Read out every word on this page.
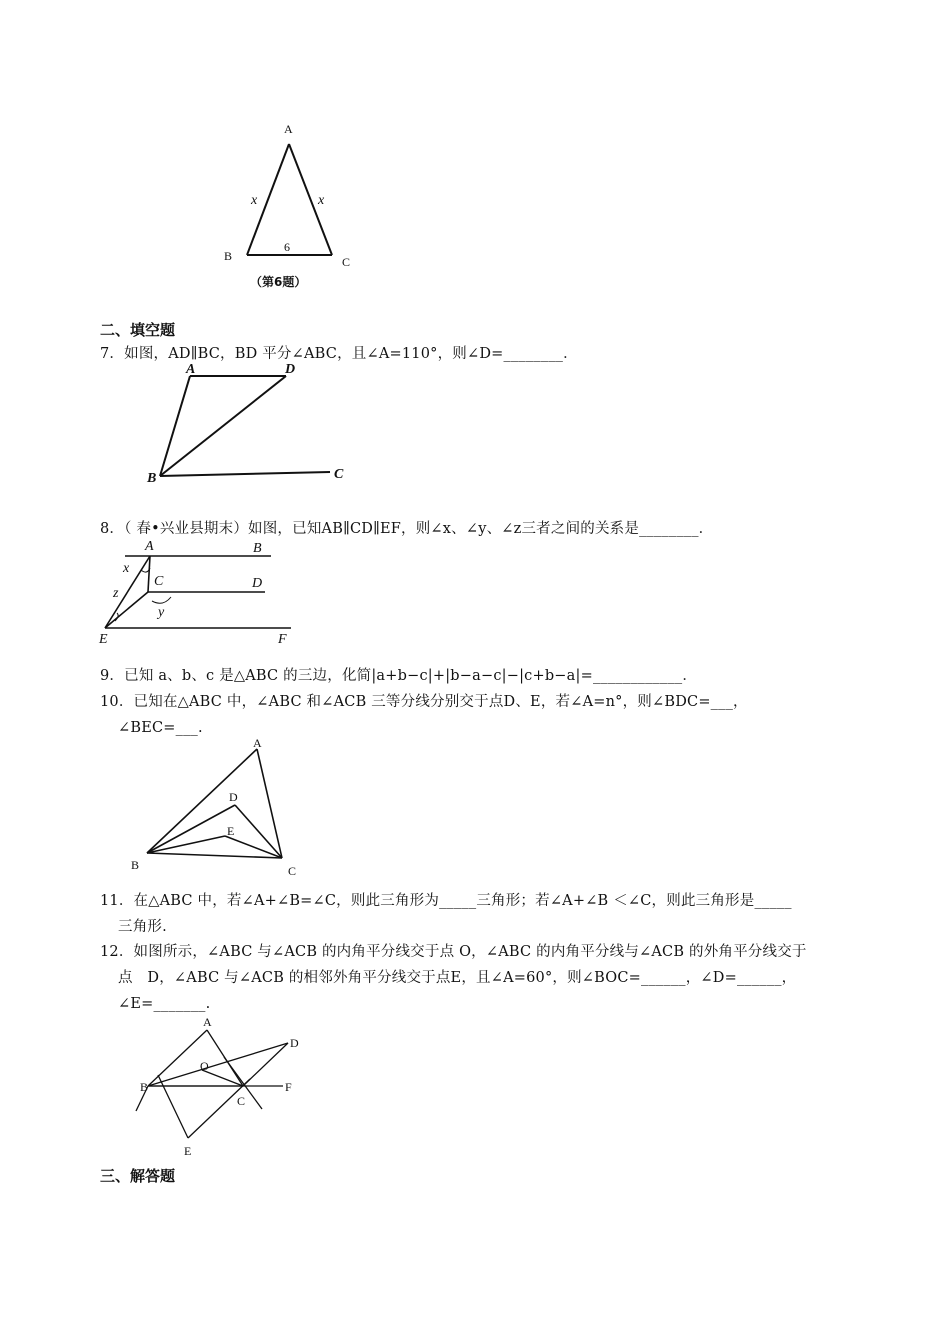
A
B	C
x	x
6
（第6题）
二、填空题
7．如图，AD∥BC，BD 平分∠ABC，且∠A=110°，则∠D=________．
A	D
B	C
8．（ 春•兴业县期末）如图，已知AB∥CD∥EF，则∠x、∠y、∠z三者之间的关系是________．
A	B
C	D
E	F
x
z
y
9．已知 a、b、c 是△ABC 的三边，化简|a+b−c|+|b−a−c|−|c+b−a|=____________．
10．已知在△ABC 中，∠ABC 和∠ACB 三等分线分别交于点D、E，若∠A=n°，则∠BDC=___，
∠BEC=___.
A
B	C
D
E
11．在△ABC 中，若∠A+∠B=∠C，则此三角形为_____三角形；若∠A+∠B ＜∠C，则此三角形是_____
三角形.
12．如图所示，∠ABC 与∠ACB 的内角平分线交于点 O，∠ABC 的内角平分线与∠ACB 的外角平分线交于
点　D，∠ABC 与∠ACB 的相邻外角平分线交于点E，且∠A=60°，则∠BOC=______，∠D=______，
∠E=_______.
A
B
C
D
E
F
O
三、解答题
